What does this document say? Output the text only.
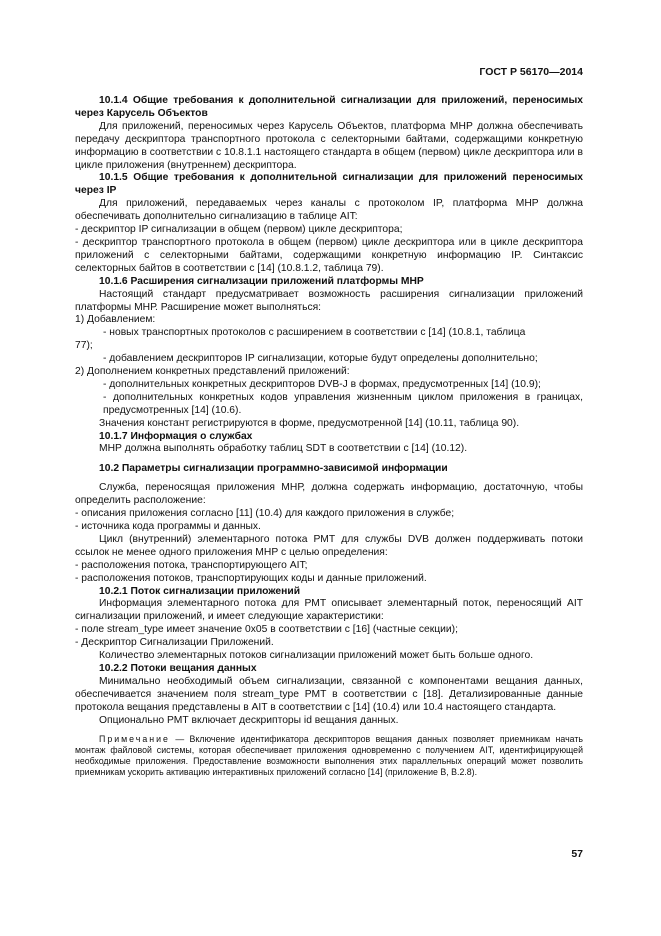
ГОСТ Р 56170—2014

10.1.4 Общие требования к дополнительной сигнализации для приложений, переносимых через Карусель Объектов

Для приложений, переносимых через Карусель Объектов, платформа МНР должна обеспечивать передачу дескриптора транспортного протокола с селекторными байтами, содержащими конкретную информацию в соответствии с 10.8.1.1 настоящего стандарта в общем (первом) цикле дескриптора или в цикле приложения (внутреннем) дескриптора.

10.1.5 Общие требования к дополнительной сигнализации для приложений переносимых через IP

Для приложений, передаваемых через каналы с протоколом IP, платформа МНР должна обеспечивать дополнительно сигнализацию в таблице AIT:

- дескриптор IP сигнализации в общем (первом) цикле дескриптора;

- дескриптор транспортного протокола в общем (первом) цикле дескриптора или в цикле дескриптора приложений с селекторными байтами, содержащими конкретную информацию IP. Синтаксис селекторных байтов в соответствии с [14] (10.8.1.2, таблица 79).

10.1.6 Расширения сигнализации приложений платформы МНР

Настоящий стандарт предусматривает возможность расширения сигнализации приложений платформы МНР. Расширение может выполняться:

1) Добавлением:

- новых транспортных протоколов с расширением в соответствии с [14] (10.8.1, таблица

77);

- добавлением дескрипторов IP сигнализации, которые будут определены дополнительно;

2) Дополнением конкретных представлений приложений:

- дополнительных конкретных дескрипторов DVB-J в формах, предусмотренных [14] (10.9);

- дополнительных конкретных кодов управления жизненным циклом приложения в границах, предусмотренных [14] (10.6).

Значения констант регистрируются в форме, предусмотренной [14] (10.11, таблица 90).

10.1.7 Информация о службах

МНР должна выполнять обработку таблиц SDT в соответствии с [14] (10.12).

10.2 Параметры сигнализации программно-зависимой информации

Служба, переносящая приложения МНР, должна содержать информацию, достаточную, чтобы определить расположение:

- описания приложения согласно [11] (10.4) для каждого приложения в службе;

- источника кода программы и данных.

Цикл (внутренний) элементарного потока РМТ для службы DVB должен поддерживать потоки ссылок не менее одного приложения МНР с целью определения:

- расположения потока, транспортирующего AIT;

- расположения потоков, транспортирующих коды и данные приложений.

10.2.1 Поток сигнализации приложений

Информация элементарного потока для РМТ описывает элементарный поток, переносящий AIT сигнализации приложений, и имеет следующие характеристики:

- поле stream_type имеет значение 0x05 в соответствии с [16] (частные секции);

- Дескриптор Сигнализации Приложений.

Количество элементарных потоков сигнализации приложений может быть больше одного.

10.2.2 Потоки вещания данных

Минимально необходимый объем сигнализации, связанной с компонентами вещания данных, обеспечивается значением поля stream_type РМТ в соответствии с [18]. Детализированные данные протокола вещания представлены в AIT в соответствии с [14] (10.4) или 10.4 настоящего стандарта.

Опционально РМТ включает дескрипторы id вещания данных.

Примечание — Включение идентификатора дескрипторов вещания данных позволяет приемникам начать монтаж файловой системы, которая обеспечивает приложения одновременно с получением AIT, идентифицирующей необходимые приложения. Предоставление возможности выполнения этих параллельных операций может позволить приемникам ускорить активацию интерактивных приложений согласно [14] (приложение В, В.2.8).

57
